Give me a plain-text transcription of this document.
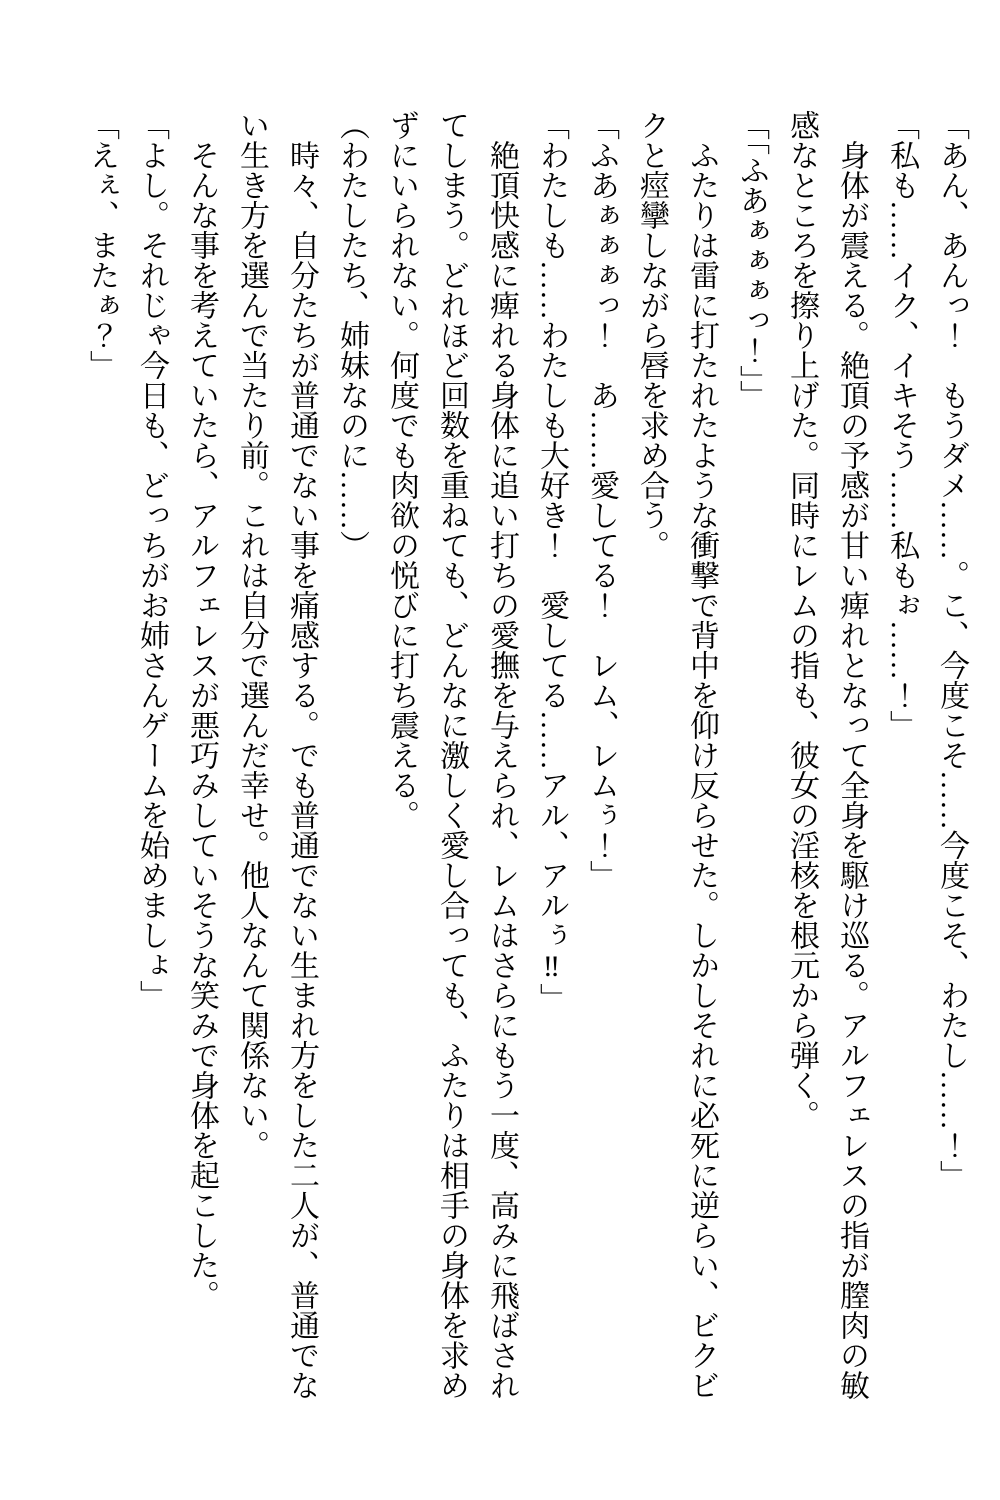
「あん、あんっ！　もうダメ……。こ、今度こそ……今度こそ、わたし……！」

「私も……イク、イキそう……私もぉ……！」

身体が震える。絶頂の予感が甘い痺れとなって全身を駆け巡る。アルフェレスの指が膣肉の敏感なところを擦り上げた。同時にレムの指も、彼女の淫核を根元から弾く。

「「ふあぁぁぁっ！」」

ふたりは雷に打たれたような衝撃で背中を仰け反らせた。しかしそれに必死に逆らい、ビクビクと痙攣しながら唇を求め合う。

「ふあぁぁぁっ！　あ……愛してる！　レム、レムぅ！」

「わたしも……わたしも大好き！　愛してる……アル、アルぅ‼」

絶頂快感に痺れる身体に追い打ちの愛撫を与えられ、レムはさらにもう一度、高みに飛ばされてしまう。どれほど回数を重ねても、どんなに激しく愛し合っても、ふたりは相手の身体を求めずにいられない。何度でも肉欲の悦びに打ち震える。

（わたしたち、姉妹なのに……）

時々、自分たちが普通でない事を痛感する。でも普通でない生まれ方をした二人が、普通でない生き方を選んで当たり前。これは自分で選んだ幸せ。他人なんて関係ない。

そんな事を考えていたら、アルフェレスが悪巧みしていそうな笑みで身体を起こした。

「よし。それじゃ今日も、どっちがお姉さんゲームを始めましょ」

「えぇ、またぁ？」
